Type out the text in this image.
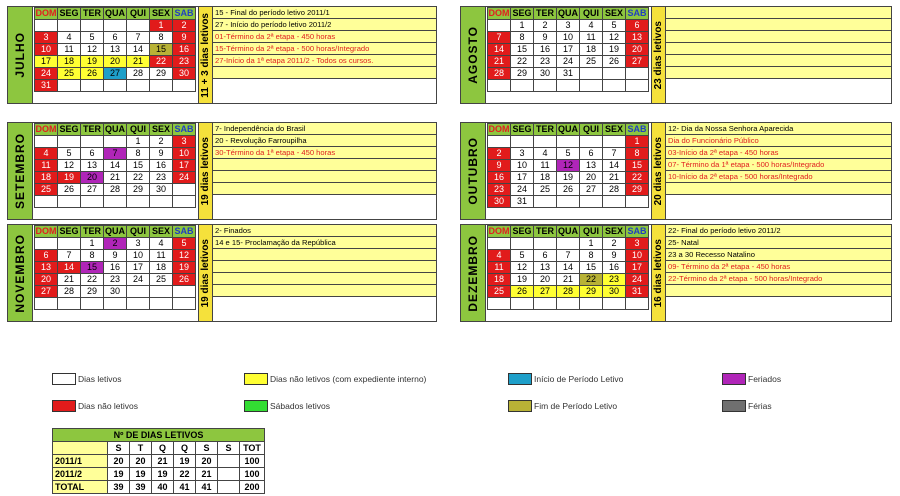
JULHO
DOM	SEG	TER	QUA	QUI	SEX	SAB
					1	2
3	4	5	6	7	8	9
10	11	12	13	14	15	16
17	18	19	20	21	22	23
24	25	26	27	28	29	30
31							11 + 3 dias letivos
15 - Final do período letivo 2011/1
27 - Início do período letivo 2011/2
01-Término da 2ª etapa - 450 horas
15-Término da 2ª etapa - 500 horas/Integrado
27-Início da 1ª etapa 2011/2 - Todos os cursos.	AGOSTO
DOM	SEG	TER	QUA	QUI	SEX	SAB
	1	2	3	4	5	6
7	8	9	10	11	12	13
14	15	16	17	18	19	20
21	22	23	24	25	26	27
28	29	30	31			
							23 dias letivos
SETEMBRO
DOM	SEG	TER	QUA	QUI	SEX	SAB
				1	2	3
4	5	6	7	8	9	10
11	12	13	14	15	16	17
18	19	20	21	22	23	24
25	26	27	28	29	30	
							19 dias letivos
7- Independência do Brasil
20 - Revolução Farroupilha
30-Término da 1ª etapa - 450 horas	OUTUBRO
DOM	SEG	TER	QUA	QUI	SEX	SAB
						1
2	3	4	5	6	7	8
9	10	11	12	13	14	15
16	17	18	19	20	21	22
23	24	25	26	27	28	29
30	31						20 dias letivos
12- Dia da Nossa Senhora Aparecida
Dia do Funcionário Público
03-Início da 2ª etapa - 450 horas
07- Término da 1ª etapa - 500 horas/Integrado
10-Início da 2ª etapa - 500 horas/Integrado
NOVEMBRO
DOM	SEG	TER	QUA	QUI	SEX	SAB
		1	2	3	4	5
6	7	8	9	10	11	12
13	14	15	16	17	18	19
20	21	22	23	24	25	26
27	28	29	30			
							19 dias letivos
2- Finados
14 e 15- Proclamação da República	DEZEMBRO
DOM	SEG	TER	QUA	QUI	SEX	SAB
				1	2	3
4	5	6	7	8	9	10
11	12	13	14	15	16	17
18	19	20	21	22	23	24
25	26	27	28	29	30	31
						16 dias letivos
22- Final do período letivo 2011/2
25- Natal
23 a 30 Recesso Natalino
09- Término da 2ª etapa - 450 horas
22-Término da 2ª etapa - 500 horas/Integrado
Dias letivos	Dias não letivos (com expediente interno)	Início de Período Letivo	Feriados
Dias não letivos	Sábados letivos	Fim de Período Letivo	Férias
Nº DE DIAS LETIVOS							
	S	T	Q	Q	S	S	TOT
2011/1	20	20	21	19	20		100
2011/2	19	19	19	22	21		100
TOTAL	39	39	40	41	41		200
